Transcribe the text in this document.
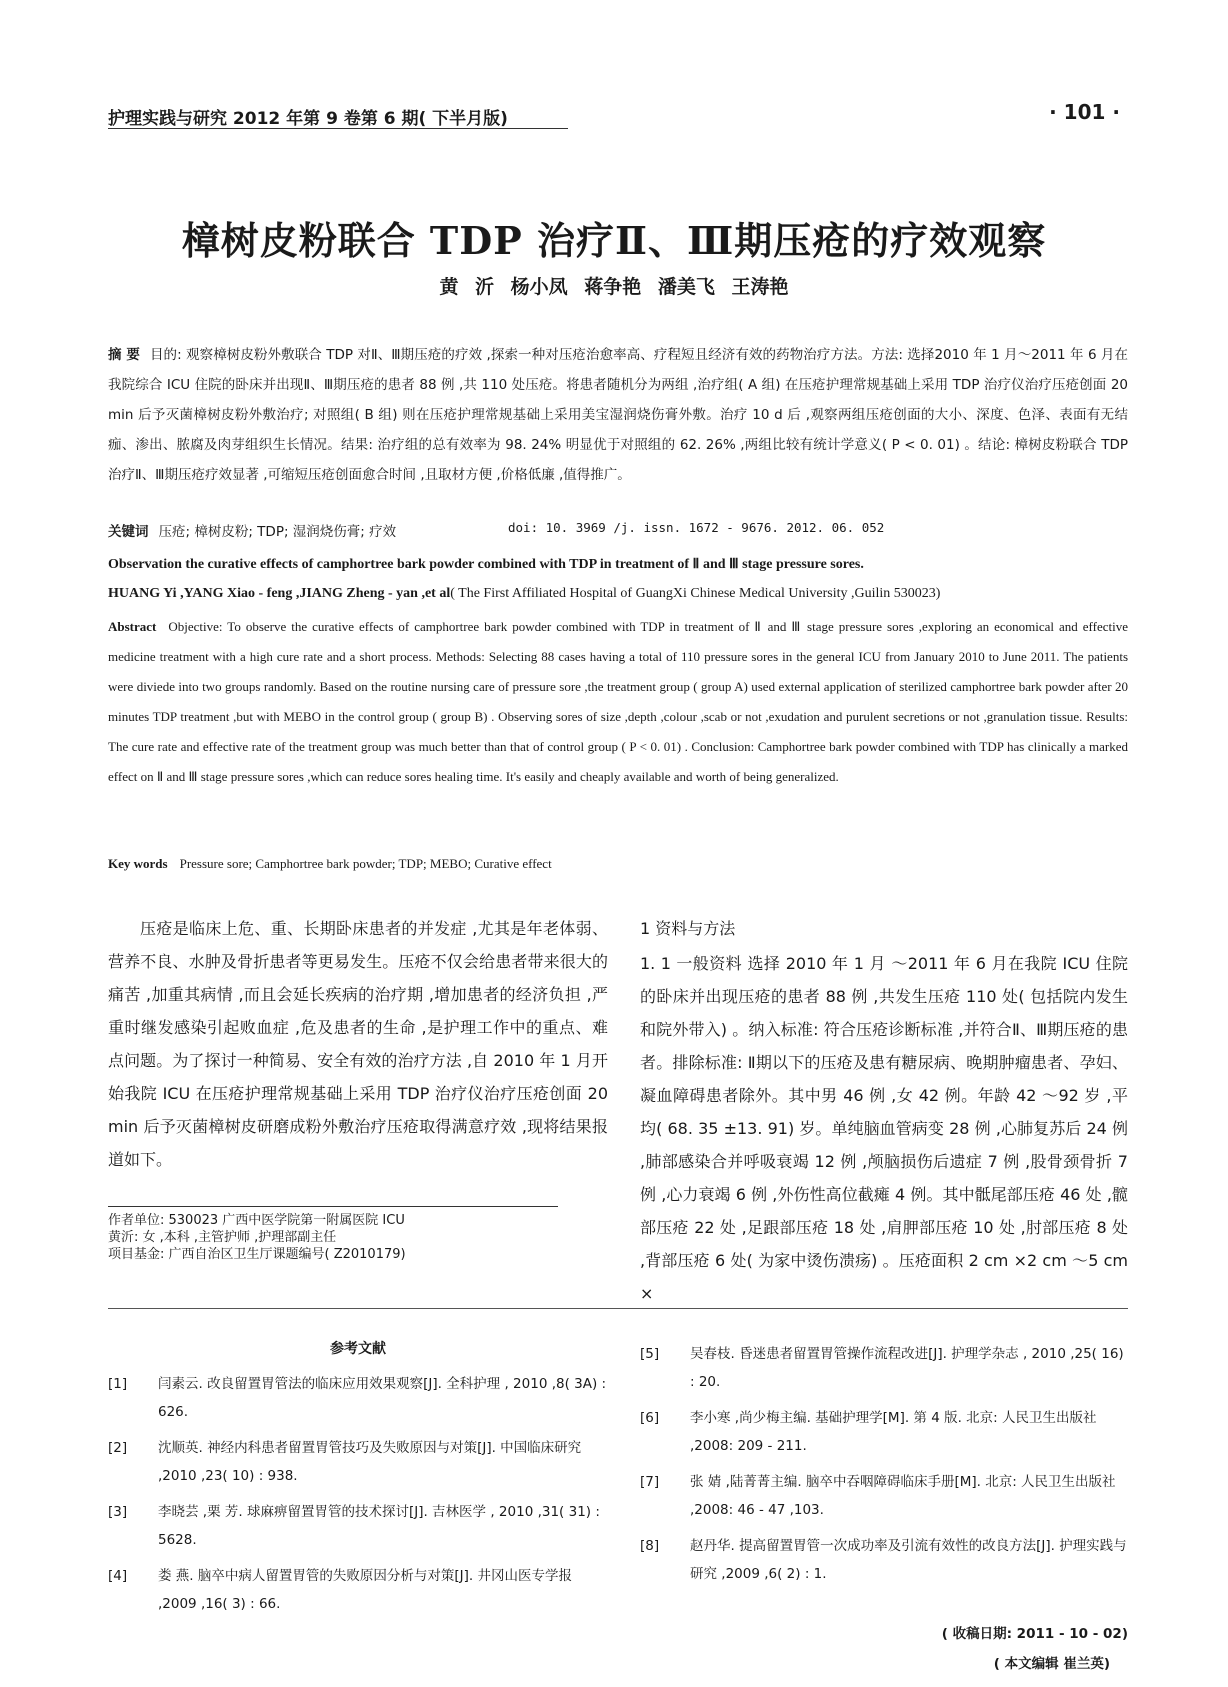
护理实践与研究 2012 年第 9 卷第 6 期( 下半月版)	· 101 ·
樟树皮粉联合 TDP 治疗Ⅱ、Ⅲ期压疮的疗效观察
黄 沂 杨小凤 蒋争艳 潘美飞 王涛艳
摘 要 目的: 观察樟树皮粉外敷联合 TDP 对Ⅱ、Ⅲ期压疮的疗效 ,探索一种对压疮治愈率高、疗程短且经济有效的药物治疗方法。方法: 选择2010 年 1 月～2011 年 6 月在我院综合 ICU 住院的卧床并出现Ⅱ、Ⅲ期压疮的患者 88 例 ,共 110 处压疮。将患者随机分为两组 ,治疗组( A 组) 在压疮护理常规基础上采用 TDP 治疗仪治疗压疮创面 20 min 后予灭菌樟树皮粉外敷治疗; 对照组( B 组) 则在压疮护理常规基础上采用美宝湿润烧伤膏外敷。治疗 10 d 后 ,观察两组压疮创面的大小、深度、色泽、表面有无结痂、渗出、脓腐及肉芽组织生长情况。结果: 治疗组的总有效率为 98. 24% 明显优于对照组的 62. 26% ,两组比较有统计学意义( P < 0. 01) 。结论: 樟树皮粉联合 TDP 治疗Ⅱ、Ⅲ期压疮疗效显著 ,可缩短压疮创面愈合时间 ,且取材方便 ,价格低廉 ,值得推广。
关键词 压疮; 樟树皮粉; TDP; 湿润烧伤膏; 疗效	doi: 10. 3969 /j. issn. 1672 - 9676. 2012. 06. 052
Observation the curative effects of camphortree bark powder combined with TDP in treatment of Ⅱ and Ⅲ stage pressure sores.
HUANG Yi ,YANG Xiao - feng ,JIANG Zheng - yan ,et al( The First Affiliated Hospital of GuangXi Chinese Medical University ,Guilin 530023)
Abstract Objective: To observe the curative effects of camphortree bark powder combined with TDP in treatment of Ⅱ and Ⅲ stage pressure sores ,exploring an economical and effective medicine treatment with a high cure rate and a short process. Methods: Selecting 88 cases having a total of 110 pressure sores in the general ICU from January 2010 to June 2011. The patients were diviede into two groups randomly. Based on the routine nursing care of pressure sore ,the treatment group ( group A) used external application of sterilized camphortree bark powder after 20 minutes TDP treatment ,but with MEBO in the control group ( group B) . Observing sores of size ,depth ,colour ,scab or not ,exudation and purulent secretions or not ,granulation tissue. Results: The cure rate and effective rate of the treatment group was much better than that of control group ( P < 0. 01) . Conclusion: Camphortree bark powder combined with TDP has clinically a marked effect on Ⅱ and Ⅲ stage pressure sores ,which can reduce sores healing time. It's easily and cheaply available and worth of being generalized.
Key words Pressure sore; Camphortree bark powder; TDP; MEBO; Curative effect

压疮是临床上危、重、长期卧床患者的并发症 ,尤其是年老体弱、营养不良、水肿及骨折患者等更易发生。压疮不仅会给患者带来很大的痛苦 ,加重其病情 ,而且会延长疾病的治疗期 ,增加患者的经济负担 ,严重时继发感染引起败血症 ,危及患者的生命 ,是护理工作中的重点、难点问题。为了探讨一种简易、安全有效的治疗方法 ,自 2010 年 1 月开始我院 ICU 在压疮护理常规基础上采用 TDP 治疗仪治疗压疮创面 20 min 后予灭菌樟树皮研磨成粉外敷治疗压疮取得满意疗效 ,现将结果报道如下。

1 资料与方法

1. 1 一般资料 选择 2010 年 1 月 ～2011 年 6 月在我院 ICU 住院的卧床并出现压疮的患者 88 例 ,共发生压疮 110 处( 包括院内发生和院外带入) 。纳入标准: 符合压疮诊断标准 ,并符合Ⅱ、Ⅲ期压疮的患者。排除标准: Ⅱ期以下的压疮及患有糖尿病、晚期肿瘤患者、孕妇、凝血障碍患者除外。其中男 46 例 ,女 42 例。年龄 42 ～92 岁 ,平均( 68. 35 ±13. 91) 岁。单纯脑血管病变 28 例 ,心肺复苏后 24 例 ,肺部感染合并呼吸衰竭 12 例 ,颅脑损伤后遗症 7 例 ,股骨颈骨折 7 例 ,心力衰竭 6 例 ,外伤性高位截瘫 4 例。其中骶尾部压疮 46 处 ,髋部压疮 22 处 ,足跟部压疮 18 处 ,肩胛部压疮 10 处 ,肘部压疮 8 处 ,背部压疮 6 处( 为家中烫伤溃疡) 。压疮面积 2 cm ×2 cm ～5 cm ×

作者单位: 530023 广西中医学院第一附属医院 ICU
黄沂: 女 ,本科 ,主管护师 ,护理部副主任
项目基金: 广西自治区卫生厅课题编号( Z2010179)
参考文献
[1] 闫素云. 改良留置胃管法的临床应用效果观察[J]. 全科护理 , 2010 ,8( 3A) : 626.
[2] 沈顺英. 神经内科患者留置胃管技巧及失败原因与对策[J]. 中国临床研究 ,2010 ,23( 10) : 938.
[3] 李晓芸 ,栗 芳. 球麻痹留置胃管的技术探讨[J]. 吉林医学 , 2010 ,31( 31) : 5628.
[4] 娄 燕. 脑卒中病人留置胃管的失败原因分析与对策[J]. 井冈山医专学报 ,2009 ,16( 3) : 66.
[5] 吴春枝. 昏迷患者留置胃管操作流程改进[J]. 护理学杂志 , 2010 ,25( 16) : 20.
[6] 李小寒 ,尚少梅主编. 基础护理学[M]. 第 4 版. 北京: 人民卫生出版社 ,2008: 209 - 211.
[7] 张 婧 ,陆菁菁主编. 脑卒中吞咽障碍临床手册[M]. 北京: 人民卫生出版社 ,2008: 46 - 47 ,103.
[8] 赵丹华. 提高留置胃管一次成功率及引流有效性的改良方法[J]. 护理实践与研究 ,2009 ,6( 2) : 1.
( 收稿日期: 2011 - 10 - 02)
( 本文编辑 崔兰英)
